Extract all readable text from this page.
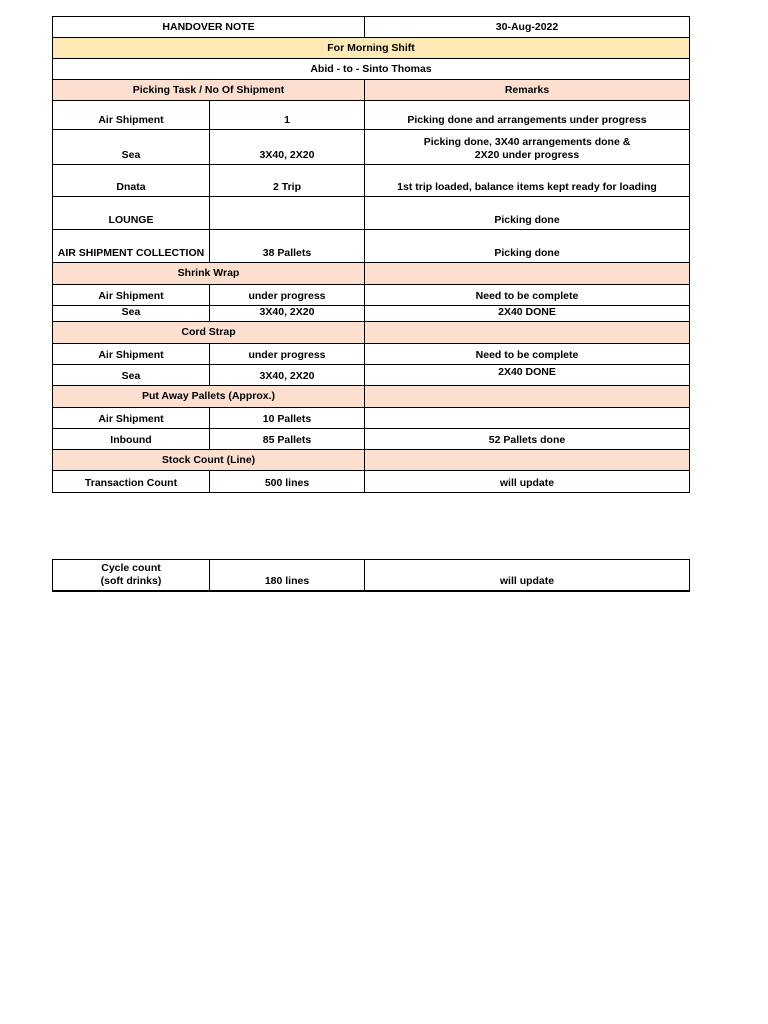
HANDOVER NOTE		30-Aug-2022
For Morning Shift		
Abid - to - Sinto Thomas		
Picking Task / No Of Shipment		Remarks
Air Shipment	1	Picking done and arrangements under progress
Sea	3X40, 2X20	Picking done, 3X40 arrangements done &
2X20 under progress

Dnata	2 Trip	1st trip loaded, balance items kept ready for loading
LOUNGE		Picking done
AIR SHIPMENT COLLECTION	38 Pallets	Picking done
Shrink Wrap		
Air Shipment	under progress	Need to be complete
Sea	3X40, 2X20	2X40 DONE
Cord Strap		
Air Shipment	under progress	Need to be complete
Sea	3X40, 2X20	2X40 DONE
Put Away Pallets (Approx.)		
Air Shipment	10 Pallets	
Inbound	85 Pallets	52 Pallets done
Stock Count (Line)		
Transaction Count	500 lines	will update
Cycle count
(soft drinks)	180 lines	will update
